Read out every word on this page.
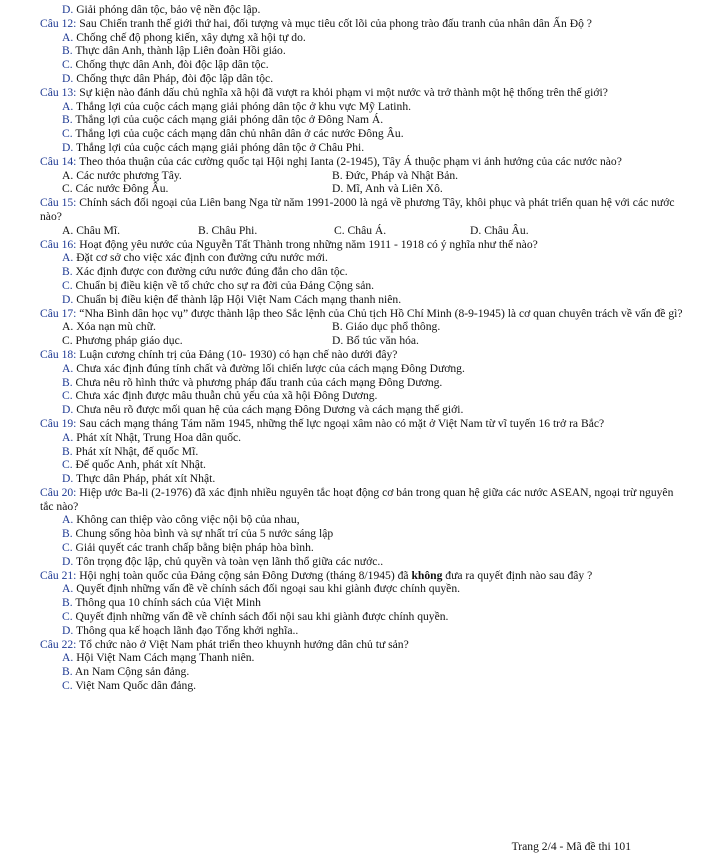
D. Giải phóng dân tộc, bảo vệ nền độc lập.

Câu 12: Sau Chiến tranh thế giới thứ hai, đối tượng và mục tiêu cốt lõi của phong trào đấu tranh của nhân dân Ấn Độ ?

A. Chống chế độ phong kiến, xây dựng xã hội tự do.

B. Thực dân Anh, thành lập Liên đoàn Hồi giáo.

C. Chống thực dân Anh, đòi độc lập dân tộc.

D. Chống thực dân Pháp, đòi độc lập dân tộc.

Câu 13: Sự kiện nào đánh dấu chủ nghĩa xã hội đã vượt ra khỏi phạm vi một nước và trở thành một hệ thống trên thế giới?

A. Thắng lợi của cuộc cách mạng giải phóng dân tộc ở khu vực Mỹ Latinh.

B. Thắng lợi của cuộc cách mạng giải phóng dân tộc ở Đông Nam Á.

C. Thắng lợi của cuộc cách mạng dân chủ nhân dân ở các nước Đông Âu.

D. Thắng lợi của cuộc cách mạng giải phóng dân tộc ở Châu Phi.

Câu 14: Theo thỏa thuận của các cường quốc tại Hội nghị Ianta (2-1945), Tây Á thuộc phạm vi ảnh hưởng của các nước nào?

A. Các nước phương Tây.	B. Đức, Pháp và Nhật Bản.
C. Các nước Đông Âu.	D. Mĩ, Anh và Liên Xô.

Câu 15: Chính sách đối ngoại của Liên bang Nga từ năm 1991-2000 là ngả về phương Tây, khôi phục và phát triển quan hệ với các nước nào?

A. Châu Mĩ.	B. Châu Phi.	C. Châu Á.	D. Châu Âu.

Câu 16: Hoạt động yêu nước của Nguyễn Tất Thành trong những năm 1911 - 1918 có ý nghĩa như thế nào?

A. Đặt cơ sở cho việc xác định con đường cứu nước mới.

B. Xác định được con đường cứu nước đúng đắn cho dân tộc.

C. Chuẩn bị điều kiện về tổ chức cho sự ra đời của Đảng Cộng sản.

D. Chuẩn bị điều kiện để thành lập Hội Việt Nam Cách mạng thanh niên.

Câu 17: “Nha Bình dân học vụ” được thành lập theo Sắc lệnh của Chủ tịch Hồ Chí Minh (8-9-1945) là cơ quan chuyên trách về vấn đề gì?

A. Xóa nạn mù chữ.	B. Giáo dục phổ thông.
C. Phương pháp giáo dục.	D. Bổ túc văn hóa.

Câu 18: Luận cương chính trị của Đảng (10- 1930) có hạn chế nào dưới đây?

A. Chưa xác định đúng tính chất và đường lối chiến lược của cách mạng Đông Dương.

B. Chưa nêu rõ hình thức và phương pháp đấu tranh của cách mạng Đông Dương.

C. Chưa xác định được mâu thuẫn chủ yếu của xã hội Đông Dương.

D. Chưa nêu rõ được mối quan hệ của cách mạng Đông Dương và cách mạng thế giới.

Câu 19: Sau cách mạng tháng Tám năm 1945, những thế lực ngoại xâm nào có mặt ở Việt Nam từ vĩ tuyến 16 trở ra Bắc?

A. Phát xít Nhật, Trung Hoa dân quốc.

B. Phát xít Nhật, đế quốc Mĩ.

C. Đế quốc Anh, phát xít Nhật.

D. Thực dân Pháp, phát xít Nhật.

Câu 20: Hiệp ước Ba-li (2-1976) đã xác định nhiều nguyên tắc hoạt động cơ bản trong quan hệ giữa các nước ASEAN, ngoại trừ nguyên tắc nào?

A. Không can thiệp vào công việc nội bộ của nhau,

B. Chung sống hòa bình và sự nhất trí của 5 nước sáng lập

C. Giải quyết các tranh chấp bằng biện pháp hòa bình.

D. Tôn trọng độc lập, chủ quyền và toàn vẹn lãnh thổ giữa các nước..

Câu 21: Hội nghị toàn quốc của Đảng cộng sản Đông Dương (tháng 8/1945) đã không đưa ra quyết định nào sau đây ?

A. Quyết định những vấn đề về chính sách đối ngoại sau khi giành được chính quyền.

B. Thông qua 10 chính sách của Việt Minh

C. Quyết định những vấn đề về chính sách đối nội sau khi giành được chính quyền.

D. Thông qua kế hoạch lãnh đạo Tổng khởi nghĩa..

Câu 22: Tổ chức nào ở Việt Nam phát triển theo khuynh hướng dân chủ tư sản?

A. Hội Việt Nam Cách mạng Thanh niên.

B. An Nam Cộng sản đảng.

C. Việt Nam Quốc dân đảng.

Trang 2/4 - Mã đề thi 101
